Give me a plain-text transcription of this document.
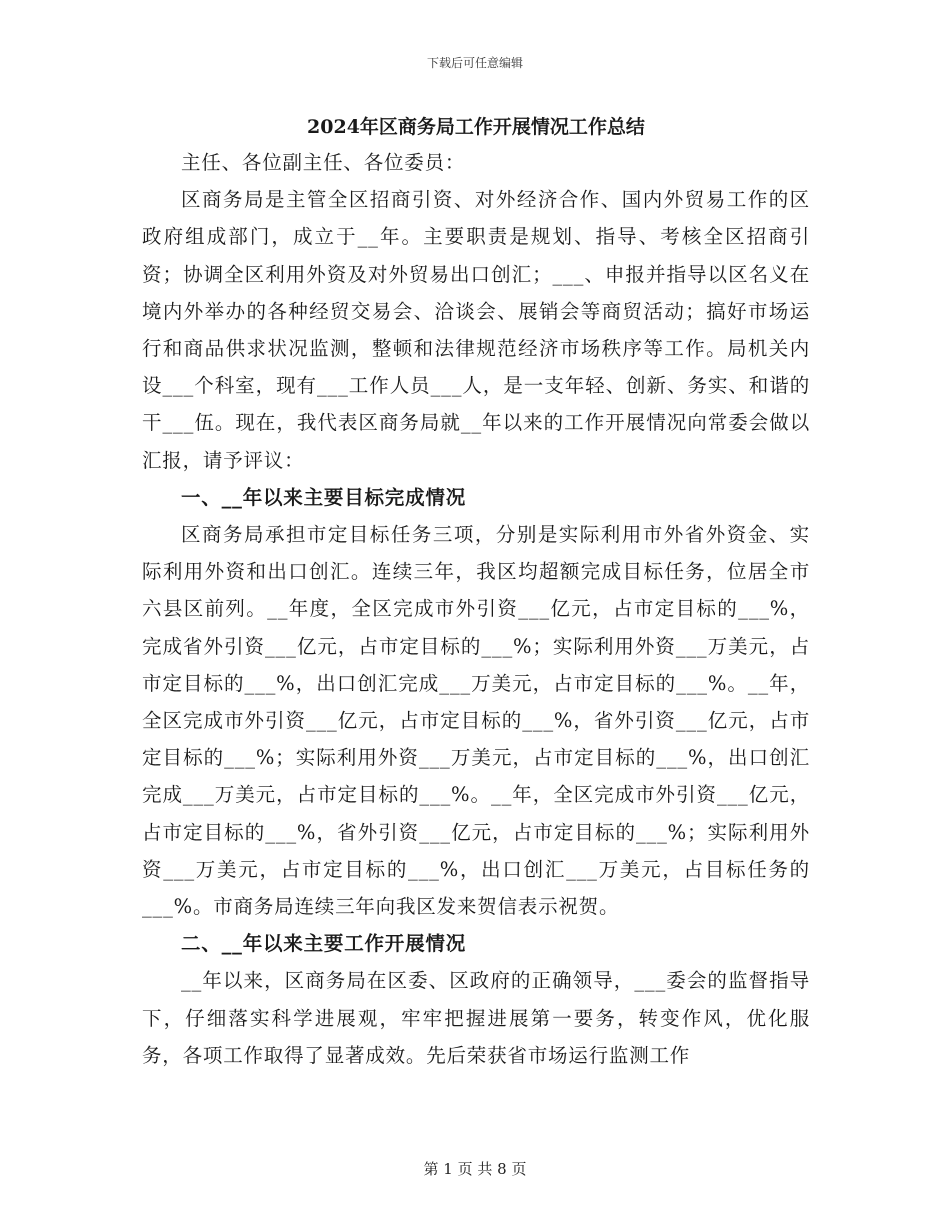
下载后可任意编辑
2024年区商务局工作开展情况工作总结

主任、各位副主任、各位委员：

区商务局是主管全区招商引资、对外经济合作、国内外贸易工作的区政府组成部门，成立于__年。主要职责是规划、指导、考核全区招商引资；协调全区利用外资及对外贸易出口创汇；___、申报并指导以区名义在境内外举办的各种经贸交易会、洽谈会、展销会等商贸活动；搞好市场运行和商品供求状况监测，整顿和法律规范经济市场秩序等工作。局机关内设___个科室，现有___工作人员___人，是一支年轻、创新、务实、和谐的干___伍。现在，我代表区商务局就__年以来的工作开展情况向常委会做以汇报，请予评议：

一、__年以来主要目标完成情况

区商务局承担市定目标任务三项，分别是实际利用市外省外资金、实际利用外资和出口创汇。连续三年，我区均超额完成目标任务，位居全市六县区前列。__年度，全区完成市外引资___亿元，占市定目标的___%，完成省外引资___亿元，占市定目标的___%；实际利用外资___万美元，占市定目标的___%，出口创汇完成___万美元，占市定目标的___%。__年，全区完成市外引资___亿元，占市定目标的___%，省外引资___亿元，占市定目标的___%；实际利用外资___万美元，占市定目标的___%，出口创汇完成___万美元，占市定目标的___%。__年，全区完成市外引资___亿元，占市定目标的___%，省外引资___亿元，占市定目标的___%；实际利用外资___万美元，占市定目标的___%，出口创汇___万美元，占目标任务的___%。市商务局连续三年向我区发来贺信表示祝贺。

二、__年以来主要工作开展情况

__年以来，区商务局在区委、区政府的正确领导，___委会的监督指导下，仔细落实科学进展观，牢牢把握进展第一要务，转变作风，优化服务，各项工作取得了显著成效。先后荣获省市场运行监测工作

第 1 页 共 8 页
